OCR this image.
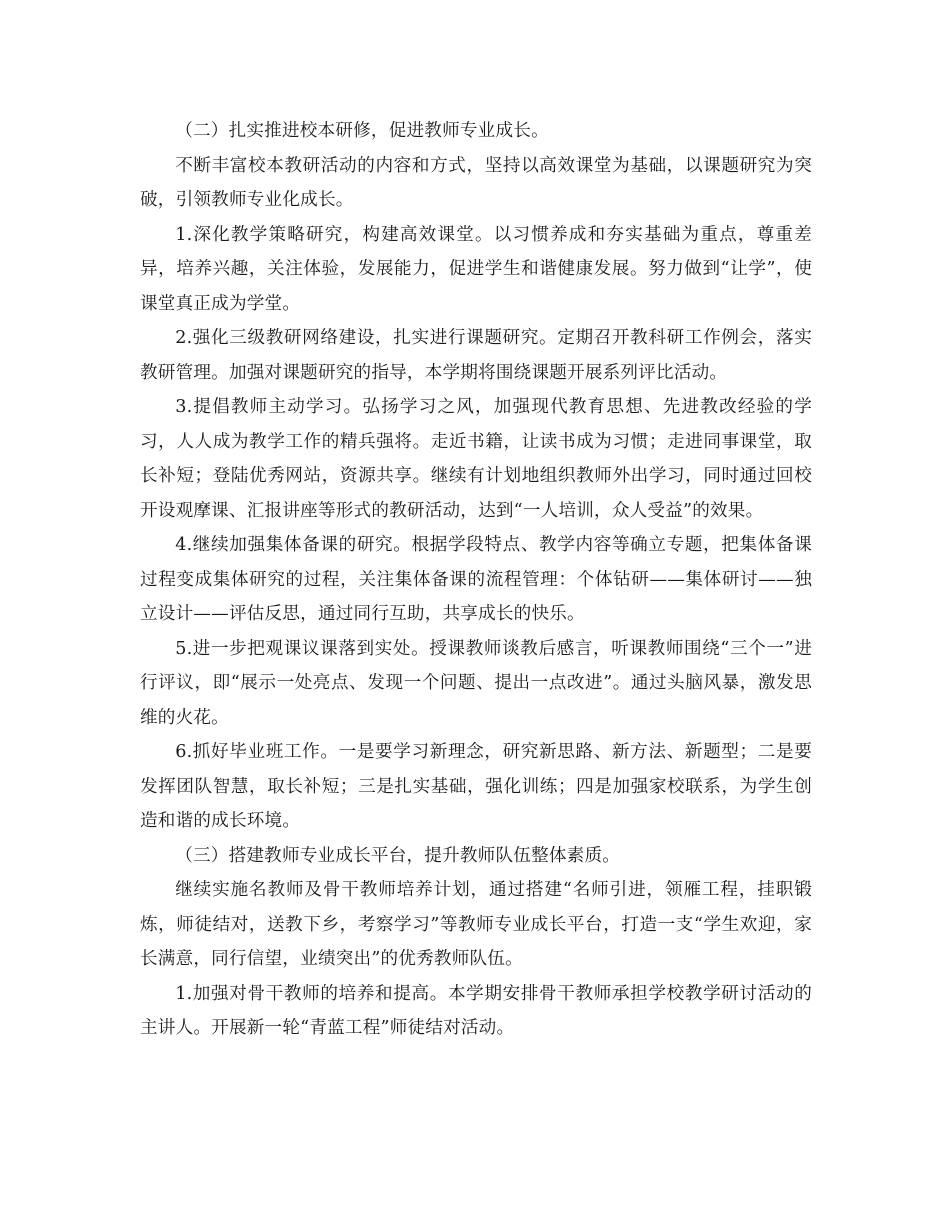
（二）扎实推进校本研修，促进教师专业成长。

不断丰富校本教研活动的内容和方式，坚持以高效课堂为基础，以课题研究为突破，引领教师专业化成长。

1.深化教学策略研究，构建高效课堂。以习惯养成和夯实基础为重点，尊重差异，培养兴趣，关注体验，发展能力，促进学生和谐健康发展。努力做到“让学”，使课堂真正成为学堂。

2.强化三级教研网络建设，扎实进行课题研究。定期召开教科研工作例会，落实教研管理。加强对课题研究的指导，本学期将围绕课题开展系列评比活动。

3.提倡教师主动学习。弘扬学习之风，加强现代教育思想、先进教改经验的学习，人人成为教学工作的精兵强将。走近书籍，让读书成为习惯；走进同事课堂，取长补短；登陆优秀网站，资源共享。继续有计划地组织教师外出学习，同时通过回校开设观摩课、汇报讲座等形式的教研活动，达到“一人培训，众人受益”的效果。

4.继续加强集体备课的研究。根据学段特点、教学内容等确立专题，把集体备课过程变成集体研究的过程，关注集体备课的流程管理：个体钻研——集体研讨——独立设计——评估反思，通过同行互助，共享成长的快乐。

5.进一步把观课议课落到实处。授课教师谈教后感言，听课教师围绕“三个一”进行评议，即“展示一处亮点、发现一个问题、提出一点改进”。通过头脑风暴，激发思维的火花。

6.抓好毕业班工作。一是要学习新理念，研究新思路、新方法、新题型；二是要发挥团队智慧，取长补短；三是扎实基础，强化训练；四是加强家校联系，为学生创造和谐的成长环境。

（三）搭建教师专业成长平台，提升教师队伍整体素质。

继续实施名教师及骨干教师培养计划，通过搭建“名师引进，领雁工程，挂职锻炼，师徒结对，送教下乡，考察学习”等教师专业成长平台，打造一支“学生欢迎，家长满意，同行信望，业绩突出”的优秀教师队伍。

1.加强对骨干教师的培养和提高。本学期安排骨干教师承担学校教学研讨活动的主讲人。开展新一轮“青蓝工程”师徒结对活动。
